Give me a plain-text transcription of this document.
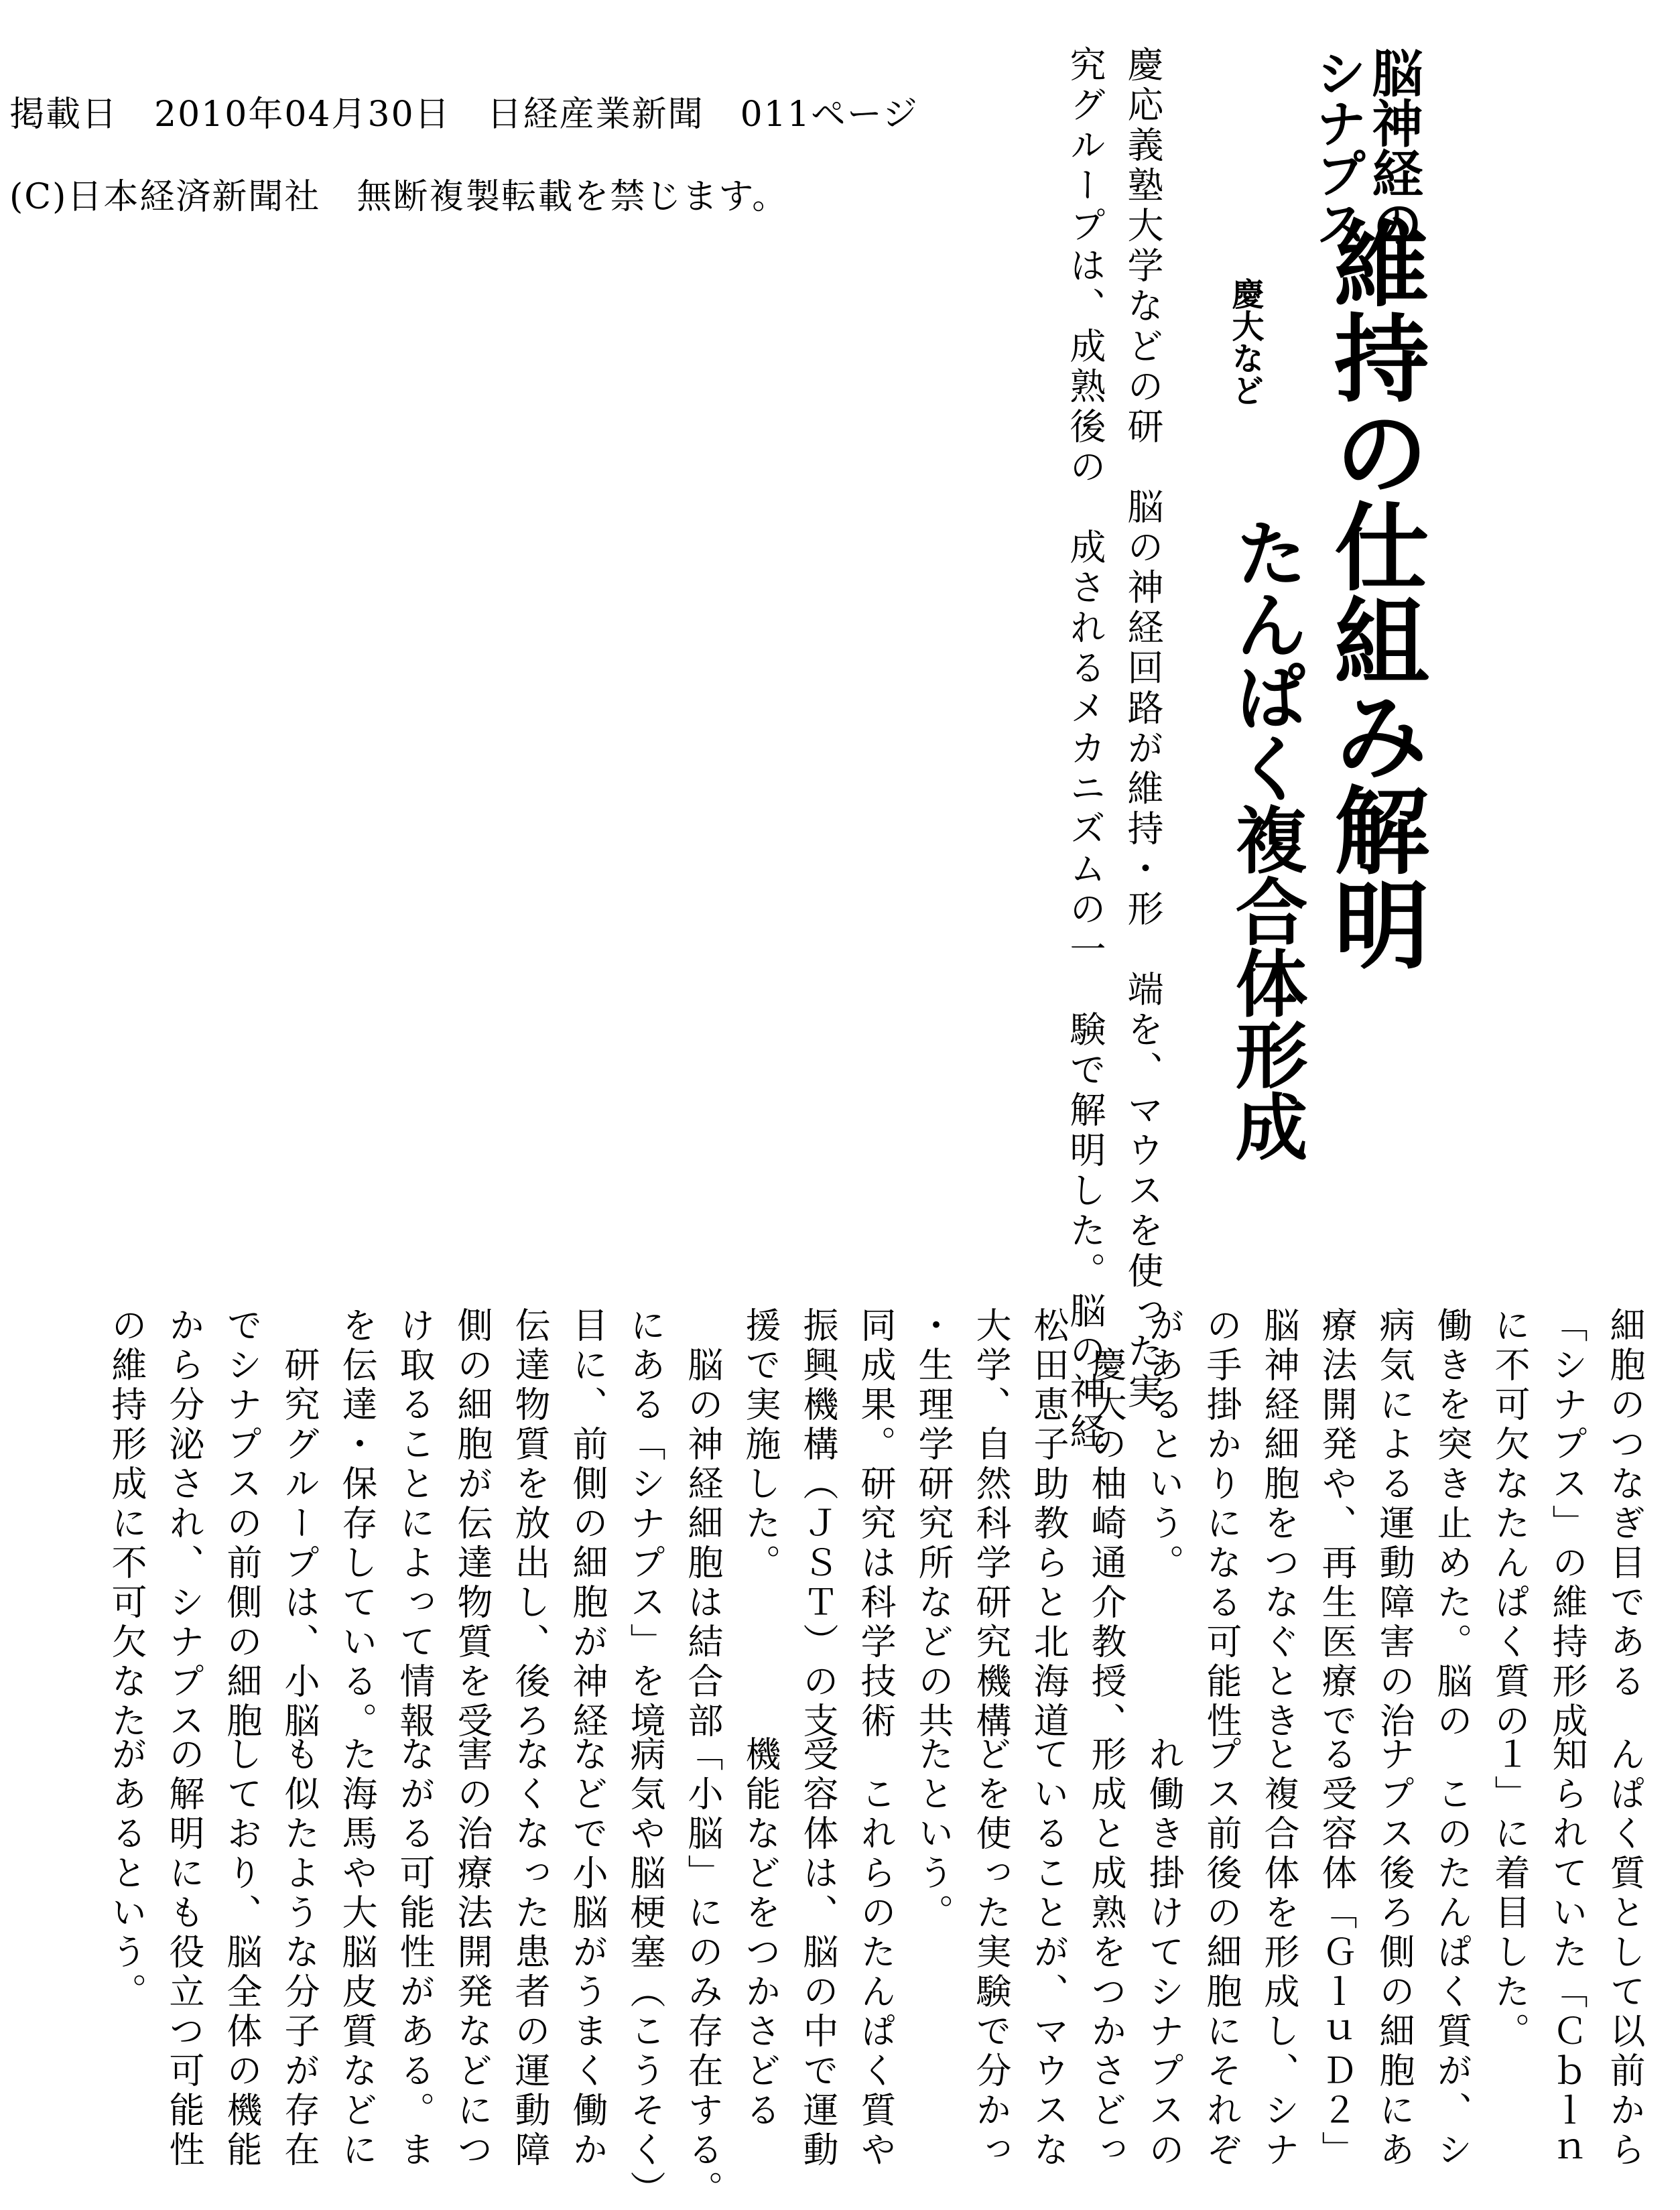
掲載日　2010年04月30日　日経産業新聞　011ページ
(C)日本経済新聞社　無断複製転載を禁じます。	脳神経の
シナプス
維持の仕組み解明
慶大など
たんぱく複合体形成
慶応義塾大学などの研　脳の神経回路が維持・形　端を、マウスを使った実
究グループは、成熟後の　成されるメカニズムの一　験で解明した。脳の神経
細胞のつなぎ目である
「シナプス」の維持形成
に不可欠なたんぱく質の
働きを突き止めた。脳の
病気による運動障害の治
療法開発や、再生医療で
脳神経細胞をつなぐとき
の手掛かりになる可能性
があるという。
　慶大の柚崎通介教授、
松田恵子助教らと北海道
大学、自然科学研究機構
・生理学研究所などの共
同成果。研究は科学技術
振興機構（ＪＳＴ）の支
援で実施した。
　脳の神経細胞は結合部
にある「シナプス」を境
目に、前側の細胞が神経
伝達物質を放出し、後ろ
側の細胞が伝達物質を受
け取ることによって情報
を伝達・保存している。
　研究グループは、小脳
でシナプスの前側の細胞
から分泌され、シナプス
の維持形成に不可欠なた
んぱく質として以前から
知られていた「Ｃｂｌｎ
１」に着目した。
　このたんぱく質が、シ
ナプス後ろ側の細胞にあ
る受容体「ＧｌｕＤ２」
と複合体を形成し、シナ
プス前後の細胞にそれぞ
れ働き掛けてシナプスの
形成と成熟をつかさどっ
ていることが、マウスな
どを使った実験で分かっ
たという。
　これらのたんぱく質や
受容体は、脳の中で運動
機能などをつかさどる
「小脳」にのみ存在する。
病気や脳梗塞（こうそく）
などで小脳がうまく働か
なくなった患者の運動障
害の治療法開発などにつ
ながる可能性がある。ま
た海馬や大脳皮質などに
も似たような分子が存在
しており、脳全体の機能
の解明にも役立つ可能性
があるという。
